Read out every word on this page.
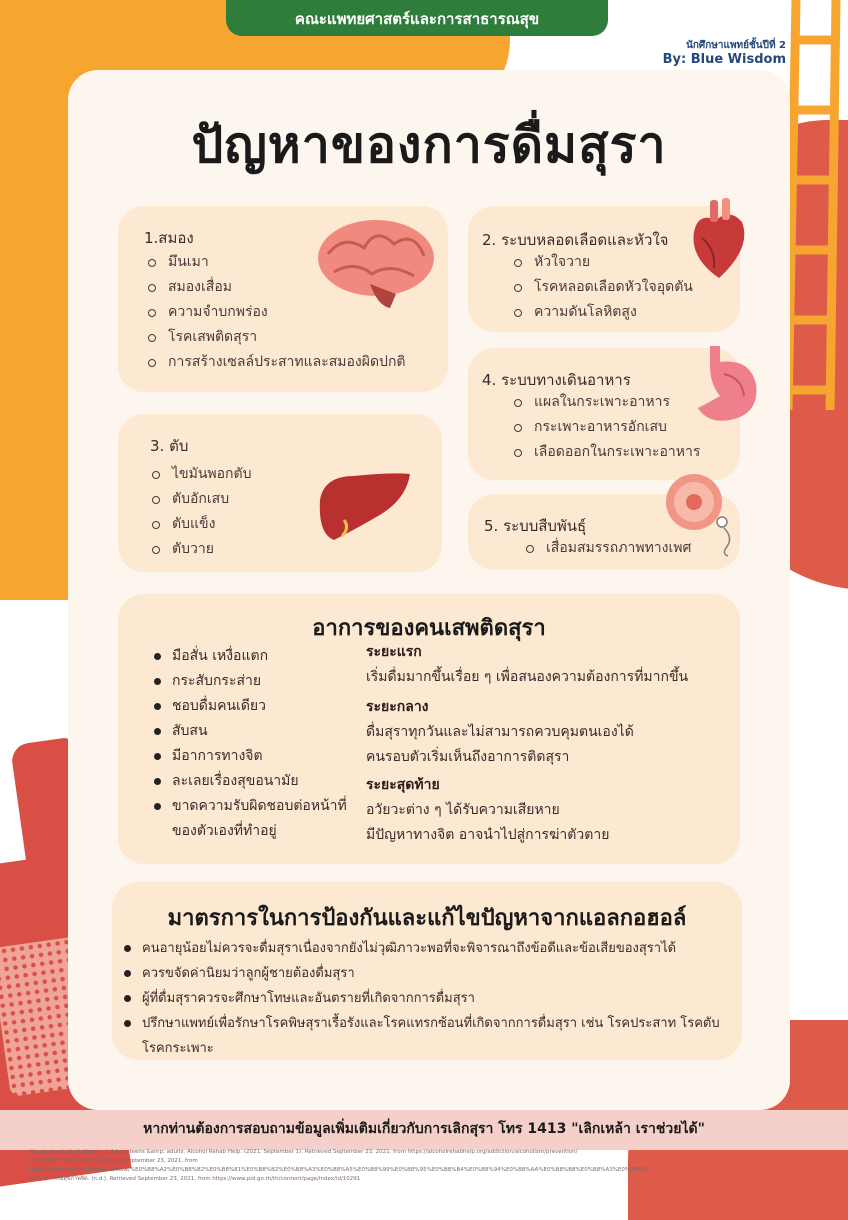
คณะแพทยศาสตร์และการสาธารณสุข
นักศึกษาแพทย์ชั้นปีที่ 2
By: Blue Wisdom
ปัญหาของการดื่มสุรา
1.สมอง
มึนเมา
สมองเสื่อม
ความจำบกพร่อง
โรคเสพติดสุรา
การสร้างเซลล์ประสาทและสมองผิดปกติ
2. ระบบหลอดเลือดและหัวใจ
หัวใจวาย
โรคหลอดเลือดหัวใจอุดตัน
ความดันโลหิตสูง
3. ตับ
ไขมันพอกตับ
ตับอักเสบ
ตับแข็ง
ตับวาย
4. ระบบทางเดินอาหาร
แผลในกระเพาะอาหาร
กระเพาะอาหารอักเสบ
เลือดออกในกระเพาะอาหาร
5. ระบบสืบพันธุ์
เสื่อมสมรรถภาพทางเพศ
อาการของคนเสพติดสุรา
มือสั่น เหงื่อแตก
กระสับกระส่าย
ชอบดื่มคนเดียว
สับสน
มีอาการทางจิต
ละเลยเรื่องสุขอนามัย
ขาดความรับผิดชอบต่อหน้าที่ของตัวเองที่ทำอยู่
ระยะแรก
เริ่มดื่มมากขึ้นเรื่อย ๆ เพื่อสนองความต้องการที่มากขึ้น
ระยะกลาง
ดื่มสุราทุกวันและไม่สามารถควบคุมตนเองได้
คนรอบตัวเริ่มเห็นถึงอาการติดสุรา
ระยะสุดท้าย
อวัยวะต่าง ๆ ได้รับความเสียหาย
มีปัญหาทางจิต อาจนำไปสู่การฆ่าตัวตาย
มาตรการในการป้องกันและแก้ไขปัญหาจากแอลกอฮอล์
คนอายุน้อยไม่ควรจะดื่มสุราเนื่องจากยังไม่วุฒิภาวะพอที่จะพิจารณาถึงข้อดีและข้อเสียของสุราได้
ควรขจัดค่านิยมว่าลูกผู้ชายต้องดื่มสุรา
ผู้ที่ดื่มสุราควรจะศึกษาโทษและอันตรายที่เกิดจากการดื่มสุรา
ปรึกษาแพทย์เพื่อรักษาโรคพิษสุราเรื้อรังและโรคแทรกซ้อนที่เกิดจากการดื่มสุรา เช่น โรคประสาท โรคตับ โรคกระเพาะ
หากท่านต้องการสอบถามข้อมูลเพิ่มเติมเกี่ยวกับการเลิกสุรา โทร 1413 "เลิกเหล้า เราช่วยได้"
How to treat alcoholism in children, teens &amp; adults. Alcohol Rehab Help. (2021, September 1). Retrieved September 23, 2021, from https://alcoholrehabhelp.org/addiction/alcoholism/prevention/
อาการติดสุรา และ health. Retrieved September 23, 2021, from
https://www.ifeth.net/contents/view/%E0%B8%A2%E0%B8%B2%E0%B8%81%E0%B8%B2%E0%B8%A3%E0%B8%A5%E0%B8%99%E0%B8%95%E0%B8%B4%E0%B8%94%E0%B8%AA%E0%B8%B8%E0%B8%A3%E0%B8%B2
ไลดงสุรา กรมสุขภาพจิต. (n.d.). Retrieved September 23, 2021, from https://www.pid.go.th/th/content/page/index/id/10291
